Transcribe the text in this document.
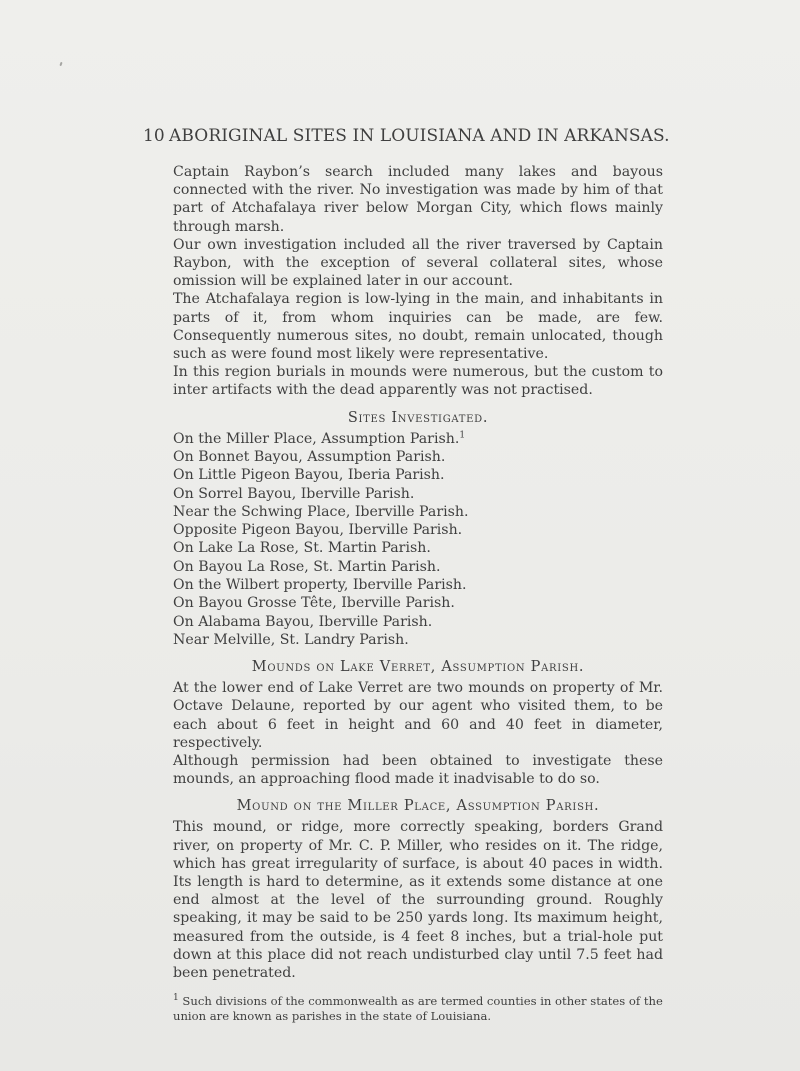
10 ABORIGINAL SITES IN LOUISIANA AND IN ARKANSAS.

Captain Raybon’s search included many lakes and bayous connected with the river. No investigation was made by him of that part of Atchafalaya river below Morgan City, which flows mainly through marsh.

Our own investigation included all the river traversed by Captain Raybon, with the exception of several collateral sites, whose omission will be explained later in our account.

The Atchafalaya region is low-lying in the main, and inhabitants in parts of it, from whom inquiries can be made, are few. Consequently numerous sites, no doubt, remain unlocated, though such as were found most likely were representative.

In this region burials in mounds were numerous, but the custom to inter artifacts with the dead apparently was not practised.

Sites Investigated.
On the Miller Place, Assumption Parish.$^1$
On Bonnet Bayou, Assumption Parish.
On Little Pigeon Bayou, Iberia Parish.
On Sorrel Bayou, Iberville Parish.
Near the Schwing Place, Iberville Parish.
Opposite Pigeon Bayou, Iberville Parish.
On Lake La Rose, St. Martin Parish.
On Bayou La Rose, St. Martin Parish.
On the Wilbert property, Iberville Parish.
On Bayou Grosse Tête, Iberville Parish.
On Alabama Bayou, Iberville Parish.
Near Melville, St. Landry Parish.
Mounds on Lake Verret, Assumption Parish.

At the lower end of Lake Verret are two mounds on property of Mr. Octave Delaune, reported by our agent who visited them, to be each about 6 feet in height and 60 and 40 feet in diameter, respectively.

Although permission had been obtained to investigate these mounds, an approaching flood made it inadvisable to do so.

Mound on the Miller Place, Assumption Parish.

This mound, or ridge, more correctly speaking, borders Grand river, on property of Mr. C. P. Miller, who resides on it. The ridge, which has great irregularity of surface, is about 40 paces in width. Its length is hard to determine, as it extends some distance at one end almost at the level of the surrounding ground. Roughly speaking, it may be said to be 250 yards long. Its maximum height, measured from the outside, is 4 feet 8 inches, but a trial-hole put down at this place did not reach undisturbed clay until 7.5 feet had been penetrated.

$^1$ Such divisions of the commonwealth as are termed counties in other states of the union are known as parishes in the state of Louisiana.
